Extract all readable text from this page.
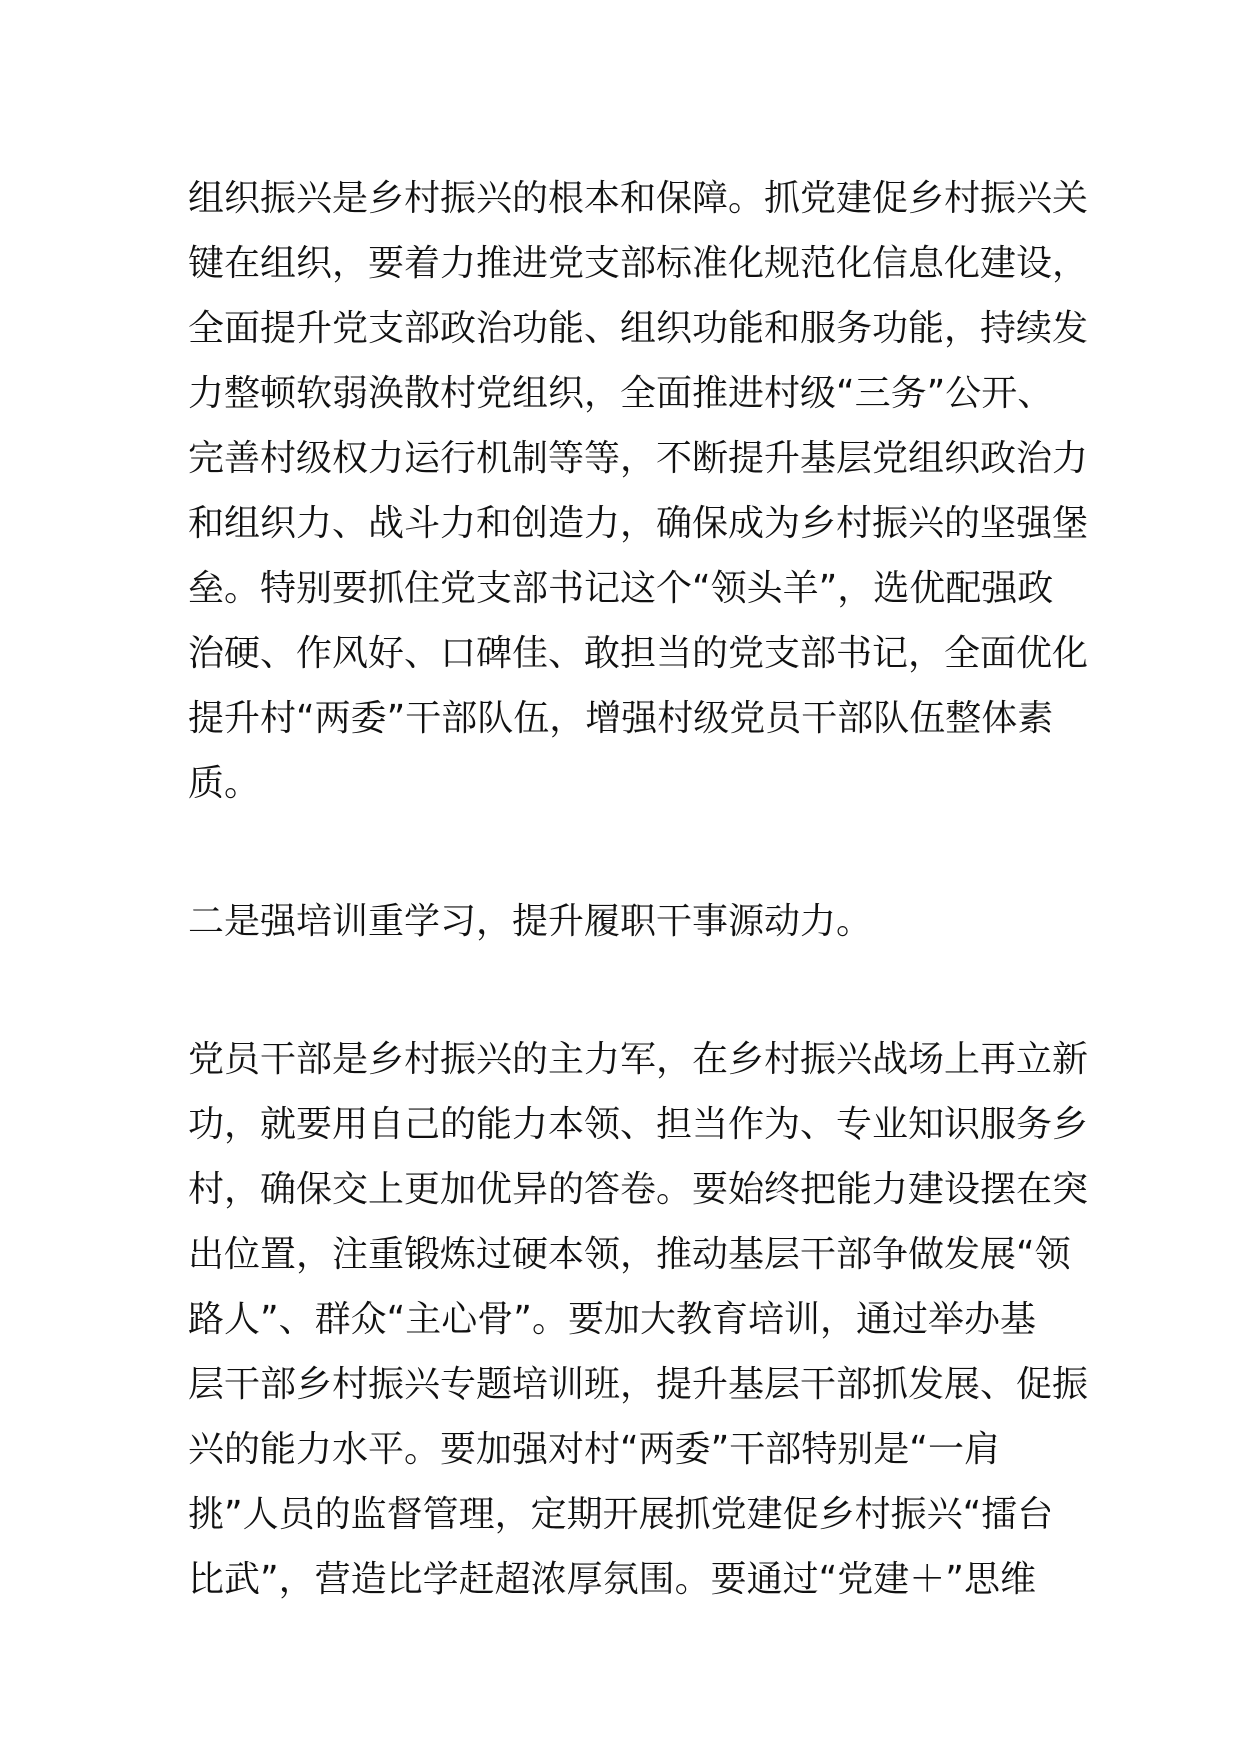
组织振兴是乡村振兴的根本和保障。抓党建促乡村振兴关
键在组织，要着力推进党支部标准化规范化信息化建设，
全面提升党支部政治功能、组织功能和服务功能，持续发
力整顿软弱涣散村党组织，全面推进村级“三务”公开、
完善村级权力运行机制等等，不断提升基层党组织政治力
和组织力、战斗力和创造力，确保成为乡村振兴的坚强堡
垒。特别要抓住党支部书记这个“领头羊”，选优配强政
治硬、作风好、口碑佳、敢担当的党支部书记，全面优化
提升村“两委”干部队伍，增强村级党员干部队伍整体素
质。
二是强培训重学习，提升履职干事源动力。
党员干部是乡村振兴的主力军，在乡村振兴战场上再立新
功，就要用自己的能力本领、担当作为、专业知识服务乡
村，确保交上更加优异的答卷。要始终把能力建设摆在突
出位置，注重锻炼过硬本领，推动基层干部争做发展“领
路人”、群众“主心骨”。要加大教育培训，通过举办基
层干部乡村振兴专题培训班，提升基层干部抓发展、促振
兴的能力水平。要加强对村“两委”干部特别是“一肩
挑”人员的监督管理，定期开展抓党建促乡村振兴“擂台
比武”，营造比学赶超浓厚氛围。要通过“党建＋”思维
